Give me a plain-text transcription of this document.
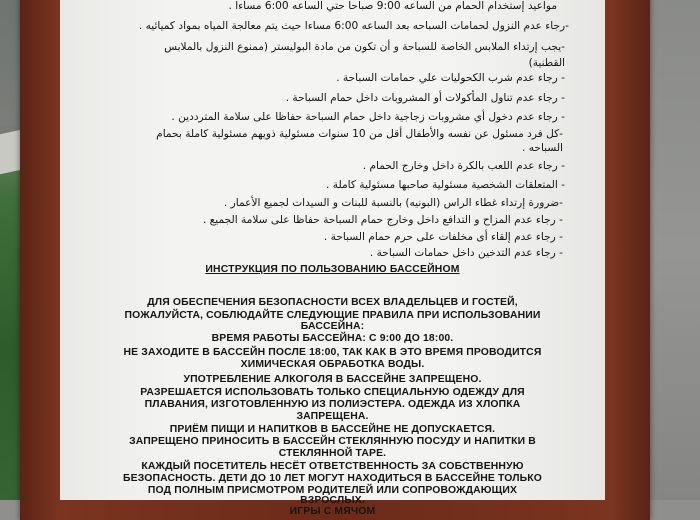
مواعيد إستخدام الحمام من الساعه 9:00 صباحا حتي الساعه 6:00 مساءا .
-رجاء عدم النزول لحمامات السباحه بعد الساعه 6:00 مساءا حيث يتم معالجة المياه بمواد كميائيه .
-يجب إرتداء الملابس الخاصة للسباحة و أن تكون من مادة البوليستر (ممنوع النزول بالملابس
القطنية)
- رجاء عدم شرب الكحوليات علي حمامات السباحة .
- رجاء عدم تناول المأكولات أو المشروبات داخل حمام السباحة .
- رجاء عدم دخول أي مشروبات زجاجية داخل حمام السباحة حفاظا على سلامة المترددين .
-كل فرد مسئول عن نفسه والأطفال أقل من 10 سنوات مسئولية ذويهم مسئولية كاملة بحمام
السباحه .
- رجاء عدم اللعب بالكرة داخل وخارج الحمام .
- المتعلقات الشخصية مسئولية صاحبها مسئولية كاملة .
-ضرورة إرتداء غطاء الراس (البونيه) بالنسبة للبنات و السيدات لجميع الأعمار .
- رجاء عدم المزاح و التدافع داخل وخارج حمام السباحة حفاظا على سلامة الجميع .
- رجاء عدم إلقاء أى مخلفات على حرم حمام السباحة .
- رجاء عدم التدخين داخل حمامات السباحة .
ИНСТРУКЦИЯ ПО ПОЛЬЗОВАНИЮ БАССЕЙНОМ
ДЛЯ ОБЕСПЕЧЕНИЯ БЕЗОПАСНОСТИ ВСЕХ ВЛАДЕЛЬЦЕВ И ГОСТЕЙ,
ПОЖАЛУЙСТА, СОБЛЮДАЙТЕ СЛЕДУЮЩИЕ ПРАВИЛА ПРИ ИСПОЛЬЗОВАНИИ
БАССЕЙНА:
ВРЕМЯ РАБОТЫ БАССЕЙНА: С 9:00 ДО 18:00.
НЕ ЗАХОДИТЕ В БАССЕЙН ПОСЛЕ 18:00, ТАК КАК В ЭТО ВРЕМЯ ПРОВОДИТСЯ
ХИМИЧЕСКАЯ ОБРАБОТКА ВОДЫ.
УПОТРЕБЛЕНИЕ АЛКОГОЛЯ В БАССЕЙНЕ ЗАПРЕЩЕНО.
РАЗРЕШАЕТСЯ ИСПОЛЬЗОВАТЬ ТОЛЬКО СПЕЦИАЛЬНУЮ ОДЕЖДУ ДЛЯ
ПЛАВАНИЯ, ИЗГОТОВЛЕННУЮ ИЗ ПОЛИЭСТЕРА. ОДЕЖДА ИЗ ХЛОПКА
ЗАПРЕЩЕНА.
ПРИЁМ ПИЩИ И НАПИТКОВ В БАССЕЙНЕ НЕ ДОПУСКАЕТСЯ.
ЗАПРЕЩЕНО ПРИНОСИТЬ В БАССЕЙН СТЕКЛЯННУЮ ПОСУДУ И НАПИТКИ В
СТЕКЛЯННОЙ ТАРЕ.
КАЖДЫЙ ПОСЕТИТЕЛЬ НЕСЁТ ОТВЕТСТВЕННОСТЬ ЗА СОБСТВЕННУЮ
БЕЗОПАСНОСТЬ. ДЕТИ ДО 10 ЛЕТ МОГУТ НАХОДИТЬСЯ В БАССЕЙНЕ ТОЛЬКО
ПОД ПОЛНЫМ ПРИСМОТРОМ РОДИТЕЛЕЙ ИЛИ СОПРОВОЖДАЮЩИХ
ВЗРОСЛЫХ.
ИГРЫ С МЯЧОМ
